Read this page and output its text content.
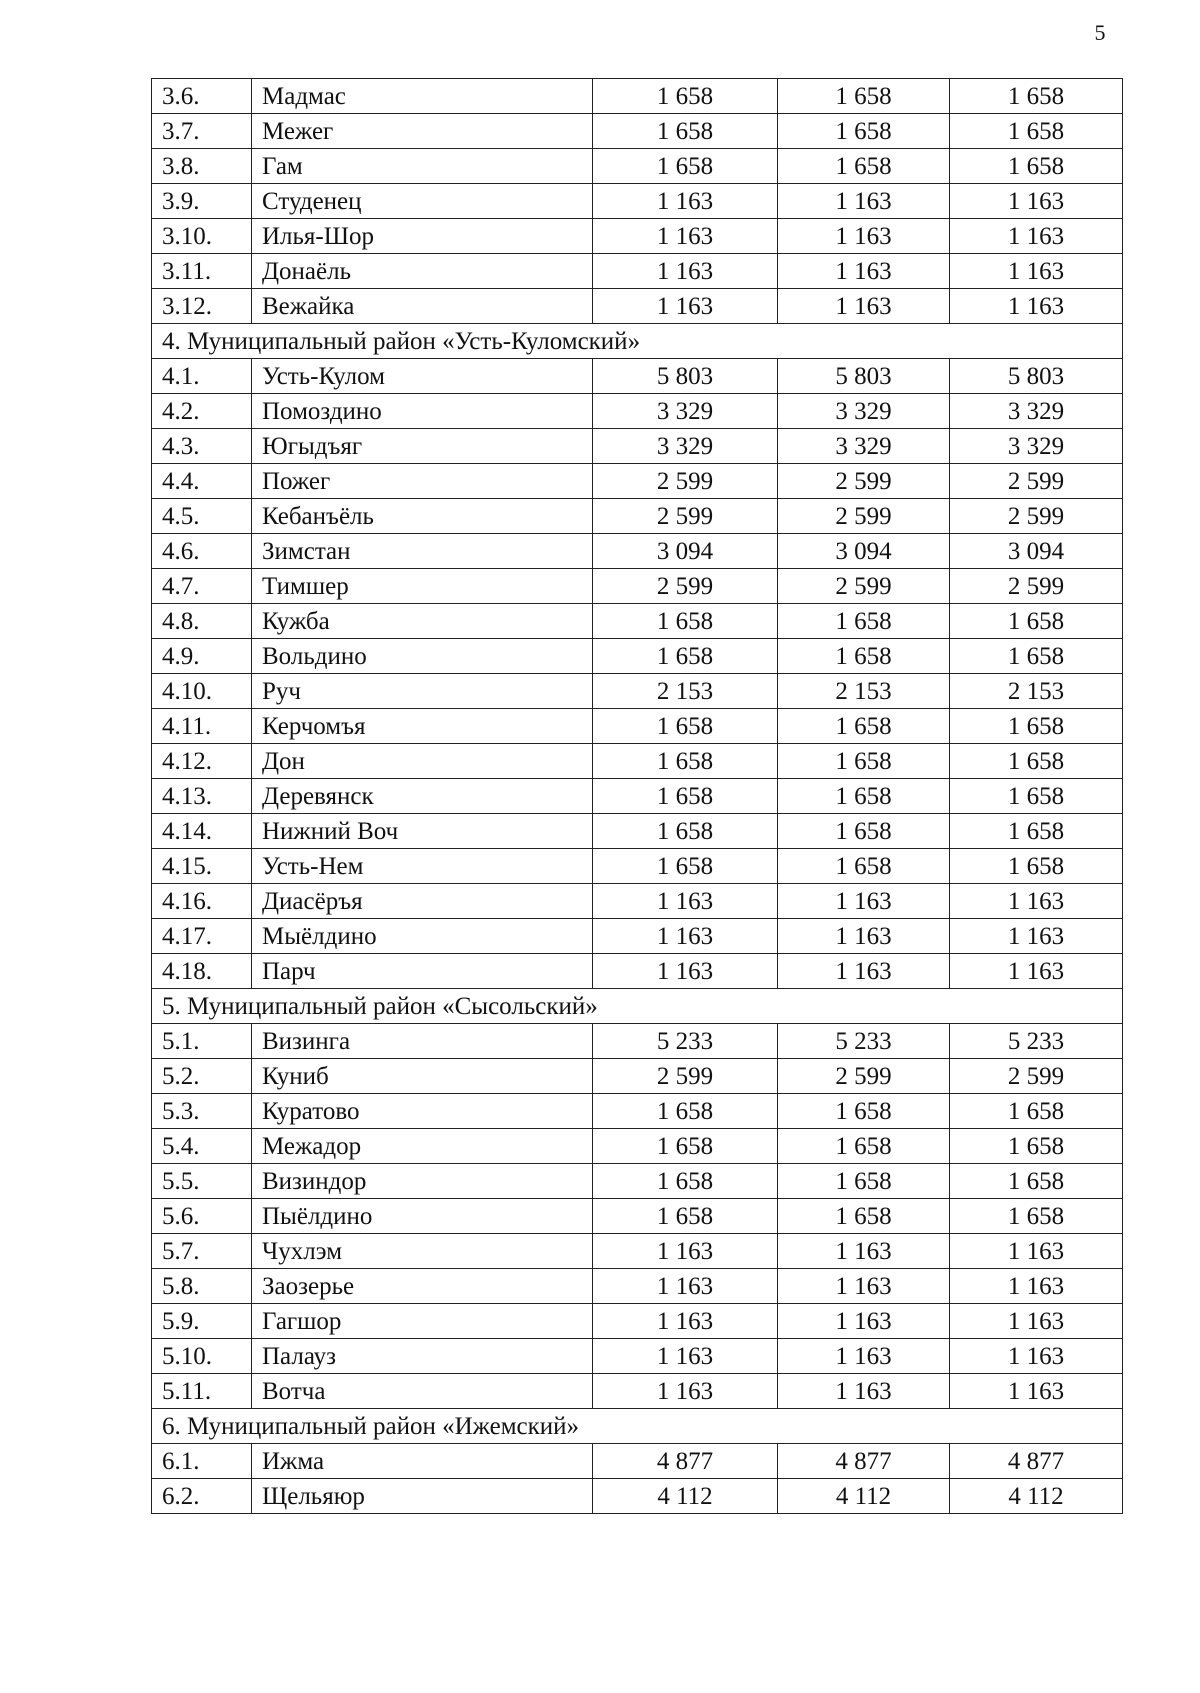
5
3.6.	Мадмас	1 658	1 658	1 658
3.7.	Межег	1 658	1 658	1 658
3.8.	Гам	1 658	1 658	1 658
3.9.	Студенец	1 163	1 163	1 163
3.10.	Илья-Шор	1 163	1 163	1 163
3.11.	Донаёль	1 163	1 163	1 163
3.12.	Вежайка	1 163	1 163	1 163
4. Муниципальный район «Усть-Куломский»				
4.1.	Усть-Кулом	5 803	5 803	5 803
4.2.	Помоздино	3 329	3 329	3 329
4.3.	Югыдъяг	3 329	3 329	3 329
4.4.	Пожег	2 599	2 599	2 599
4.5.	Кебанъёль	2 599	2 599	2 599
4.6.	Зимстан	3 094	3 094	3 094
4.7.	Тимшер	2 599	2 599	2 599
4.8.	Кужба	1 658	1 658	1 658
4.9.	Вольдино	1 658	1 658	1 658
4.10.	Руч	2 153	2 153	2 153
4.11.	Керчомъя	1 658	1 658	1 658
4.12.	Дон	1 658	1 658	1 658
4.13.	Деревянск	1 658	1 658	1 658
4.14.	Нижний Воч	1 658	1 658	1 658
4.15.	Усть-Нем	1 658	1 658	1 658
4.16.	Диасёръя	1 163	1 163	1 163
4.17.	Мыёлдино	1 163	1 163	1 163
4.18.	Парч	1 163	1 163	1 163
5. Муниципальный район «Сысольский»				
5.1.	Визинга	5 233	5 233	5 233
5.2.	Куниб	2 599	2 599	2 599
5.3.	Куратово	1 658	1 658	1 658
5.4.	Межадор	1 658	1 658	1 658
5.5.	Визиндор	1 658	1 658	1 658
5.6.	Пыёлдино	1 658	1 658	1 658
5.7.	Чухлэм	1 163	1 163	1 163
5.8.	Заозерье	1 163	1 163	1 163
5.9.	Гагшор	1 163	1 163	1 163
5.10.	Палауз	1 163	1 163	1 163
5.11.	Вотча	1 163	1 163	1 163
6. Муниципальный район «Ижемский»				
6.1.	Ижма	4 877	4 877	4 877
6.2.	Щельяюр	4 112	4 112	4 112
